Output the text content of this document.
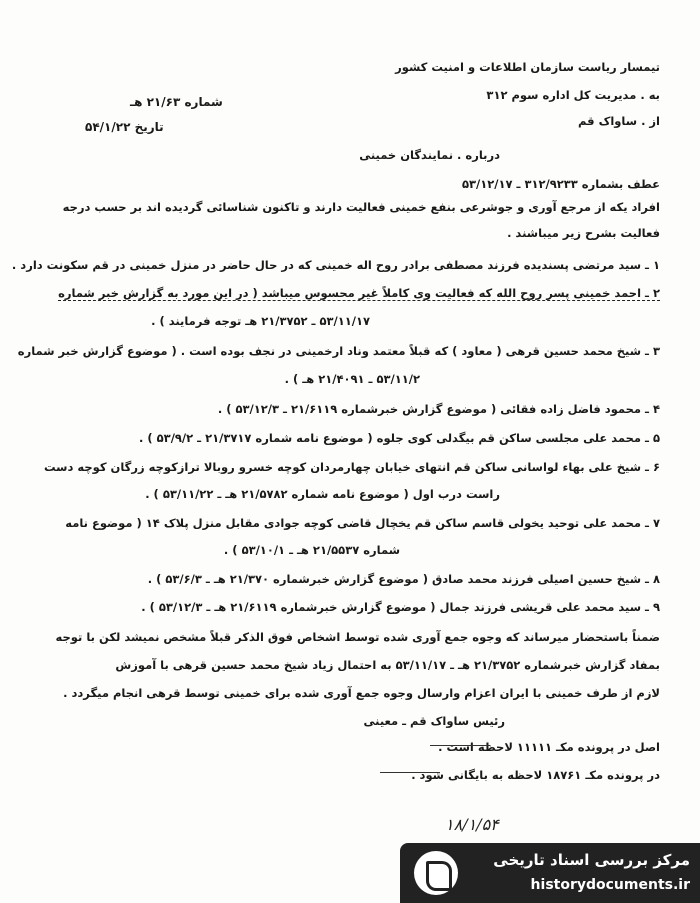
تیمسار ریاست سازمان اطلاعات و امنیت کشور
به . مدیریت کل اداره سوم ۳۱۲
از . ساواک قم
شماره ۲۱/۶۳ هـ
تاریخ ۵۴/۱/۲۲
درباره . نمایندگان خمینی
عطف بشماره ۳۱۲/۹۲۳۳ ـ ۵۳/۱۲/۱۷
افراد یکه از مرجع آوری و جوشرعی بنفع خمینی فعالیت دارند و تاکنون شناسائی گردیده اند بر حسب درجه
فعالیت بشرح زیر میباشند .
۱ ـ سید مرتضی پسندیده فرزند مصطفی برادر روح اله خمینی که در حال حاضر در منزل خمینی در قم سکونت دارد .
۲ ـ احمد خمینی پسر روح الله که فعالیت وی کاملاً غیر محسوس میباشد ( در این مورد به گزارش خبر شماره
۵۳/۱۱/۱۷ ـ ۲۱/۳۷۵۲ هـ توجه فرمایند ) .
۳ ـ شیخ محمد حسین قرهی ( معاود ) که قبلاً معتمد وناد ارخمینی در نجف بوده است . ( موضوع گزارش خبر شماره
۵۳/۱۱/۲ ـ ۲۱/۴۰۹۱ هـ ) .
۴ ـ محمود فاضل زاده فقائی ( موضوع گزارش خبرشماره ۲۱/۶۱۱۹ ـ ۵۳/۱۲/۳ ) .
۵ ـ محمد علی مجلسی ساکن قم بیگدلی کوی جلوه ( موضوع نامه شماره ۲۱/۳۷۱۷ ـ ۵۳/۹/۲ ) .
۶ ـ شیخ علی بهاء لواسانی ساکن قم انتهای خیابان چهارمردان کوچه خسرو روبالا ترازکوچه زرگان کوچه دست
راست درب اول ( موضوع نامه شماره ۲۱/۵۷۸۲ هـ ـ ۵۳/۱۱/۲۲ ) .
۷ ـ محمد علی توحید یخولی قاسم ساکن قم یخچال قاضی کوچه جوادی مقابل منزل پلاک ۱۴ ( موضوع نامه
شماره ۲۱/۵۵۳۷ هـ ـ ۵۳/۱۰/۱ ) .
۸ ـ شیخ حسین اصیلی فرزند محمد صادق ( موضوع گزارش خبرشماره ۲۱/۳۷۰ هـ ـ ۵۳/۶/۳ ) .
۹ ـ سید محمد علی قریشی فرزند جمال ( موضوع گزارش خبرشماره ۲۱/۶۱۱۹ هـ ـ ۵۳/۱۲/۳ ) .
ضمناً باستحضار میرساند که وجوه جمع آوری شده توسط اشخاص فوق الذکر قبلاً مشخص نمیشد لکن با توجه
بمفاد گزارش خبرشماره ۲۱/۳۷۵۲ هـ ـ ۵۳/۱۱/۱۷ به احتمال زیاد شیخ محمد حسین قرهی با آموزش
لازم از طرف خمینی با ایران اعزام وارسال وجوه جمع آوری شده برای خمینی توسط قرهی انجام میگردد .
رئیس ساواک قم ـ معینی
اصل در پرونده مکـ ۱۱۱۱۱ لاحظه است .
در پرونده مکـ ۱۸۷۶۱ لاحظه به بایگانی شود .
۱۸/۱/۵۴
مرکز بررسی اسناد تاریخی
historydocuments.ir
